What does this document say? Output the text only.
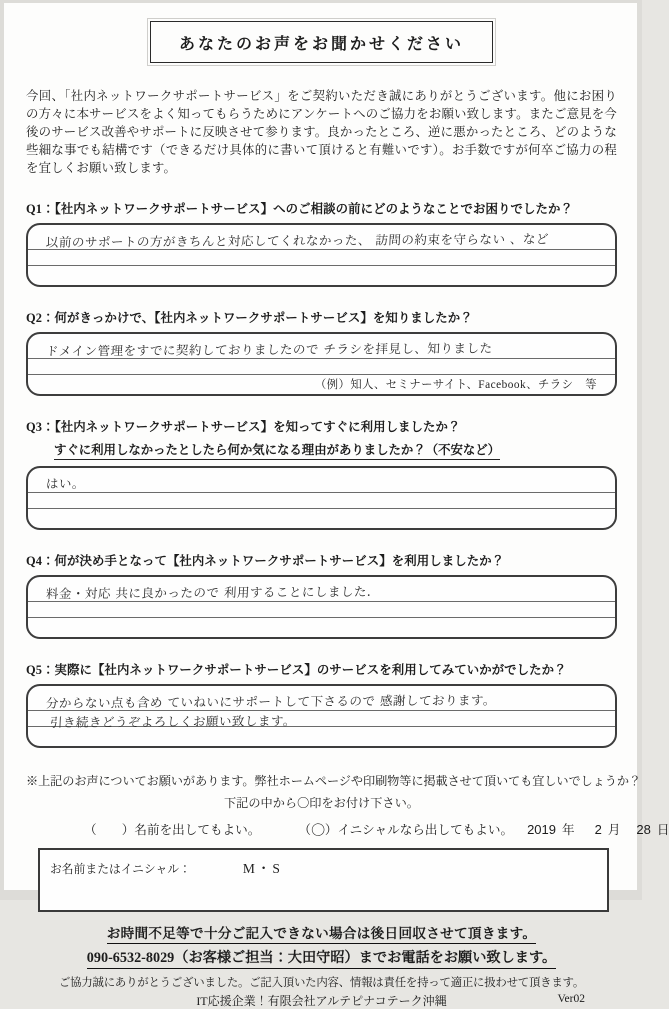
あなたのお声をお聞かせください

今回、「社内ネットワークサポートサービス」をご契約いただき誠にありがとうございます。他にお困りの方々に本サービスをよく知ってもらうためにアンケートへのご協力をお願い致します。またご意見を今後のサービス改善やサポートに反映させて参ります。良かったところ、逆に悪かったところ、どのような些細な事でも結構です（できるだけ具体的に書いて頂けると有難いです）。お手数ですが何卒ご協力の程を宜しくお願い致します。

Q1：【社内ネットワークサポートサービス】へのご相談の前にどのようなことでお困りでしたか？
以前のサポートの方がきちんと対応してくれなかった、 訪問の約束を守らない 、など
Q2：何がきっかけで、【社内ネットワークサポートサービス】を知りましたか？
ドメイン管理をすでに契約しておりましたので チラシを拝見し、知りました
（例）知人、セミナーサイト、Facebook、チラシ　等
Q3：【社内ネットワークサポートサービス】を知ってすぐに利用しましたか？
すぐに利用しなかったとしたら何か気になる理由がありましたか？（不安など）
はい。
Q4：何が決め手となって【社内ネットワークサポートサービス】を利用しましたか？
料金・対応 共に良かったので 利用することにしました．
Q5：実際に【社内ネットワークサポートサービス】のサービスを利用してみていかがでしたか？
分からない点も含め ていねいにサポートして下さるので 感謝しております。
引き続きどうぞよろしくお願い致します。

※上記のお声についてお願いがあります。弊社ホームページや印刷物等に掲載させて頂いても宜しいでしょうか？

下記の中から〇印をお付け下さい。

（　　）名前を出してもよい。	（〇）イニシャルなら出してもよい。 2019 年 2 月 28 日
お名前またはイニシャル：	M・S

お時間不足等で十分ご記入できない場合は後日回収させて頂きます。

090-6532-8029（お客様ご担当：大田守昭）までお電話をお願い致します。

ご協力誠にありがとうございました。ご記入頂いた内容、情報は責任を持って適正に扱わせて頂きます。

IT応援企業！有限会社アルテピナコテーク沖縄	Ver02
